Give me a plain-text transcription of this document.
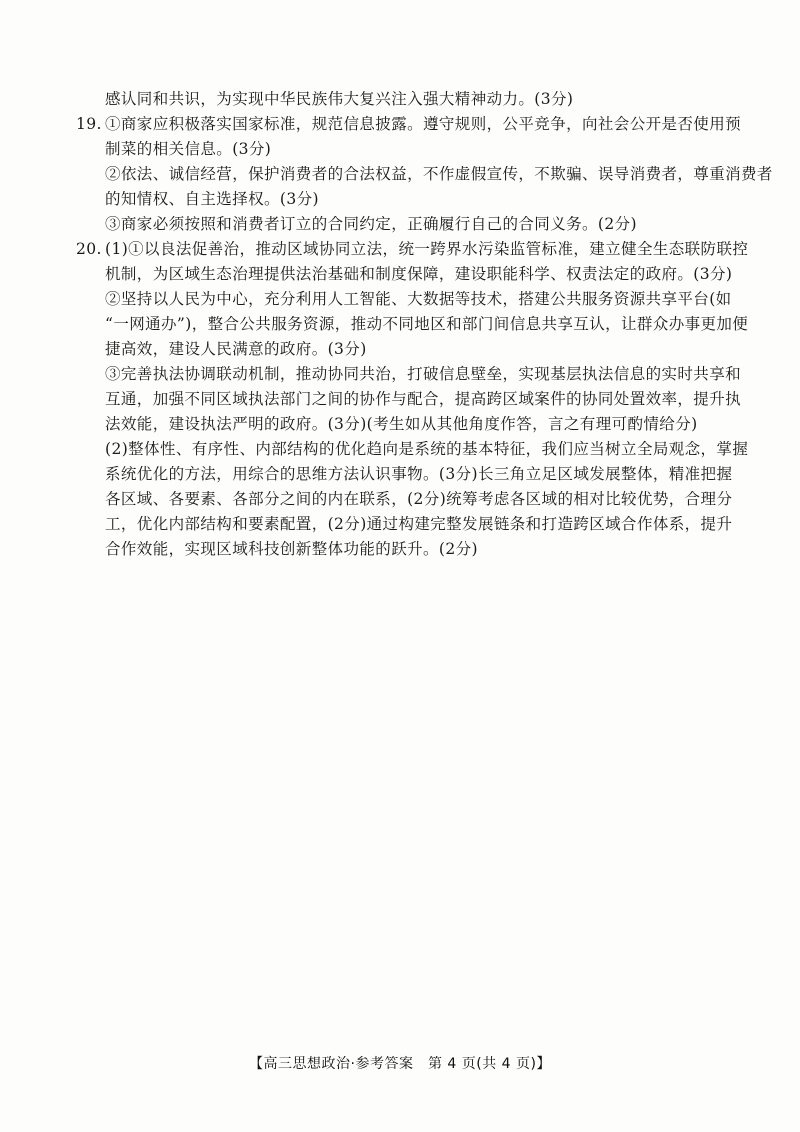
感认同和共识，为实现中华民族伟大复兴注入强大精神动力。(3分)
19. ①商家应积极落实国家标准，规范信息披露。遵守规则，公平竞争，向社会公开是否使用预
制菜的相关信息。(3分)
②依法、诚信经营，保护消费者的合法权益，不作虚假宣传，不欺骗、误导消费者，尊重消费者
的知情权、自主选择权。(3分)
③商家必须按照和消费者订立的合同约定，正确履行自己的合同义务。(2分)
20. (1)①以良法促善治，推动区域协同立法，统一跨界水污染监管标准，建立健全生态联防联控
机制，为区域生态治理提供法治基础和制度保障，建设职能科学、权责法定的政府。(3分)
②坚持以人民为中心，充分利用人工智能、大数据等技术，搭建公共服务资源共享平台(如
“一网通办”)，整合公共服务资源，推动不同地区和部门间信息共享互认，让群众办事更加便
捷高效，建设人民满意的政府。(3分)
③完善执法协调联动机制，推动协同共治，打破信息壁垒，实现基层执法信息的实时共享和
互通，加强不同区域执法部门之间的协作与配合，提高跨区域案件的协同处置效率，提升执
法效能，建设执法严明的政府。(3分)(考生如从其他角度作答，言之有理可酌情给分)
(2)整体性、有序性、内部结构的优化趋向是系统的基本特征，我们应当树立全局观念，掌握
系统优化的方法，用综合的思维方法认识事物。(3分)长三角立足区域发展整体，精准把握
各区域、各要素、各部分之间的内在联系，(2分)统筹考虑各区域的相对比较优势，合理分
工，优化内部结构和要素配置，(2分)通过构建完整发展链条和打造跨区域合作体系，提升
合作效能，实现区域科技创新整体功能的跃升。(2分)
【高三思想政治·参考答案　第 4 页(共 4 页)】
